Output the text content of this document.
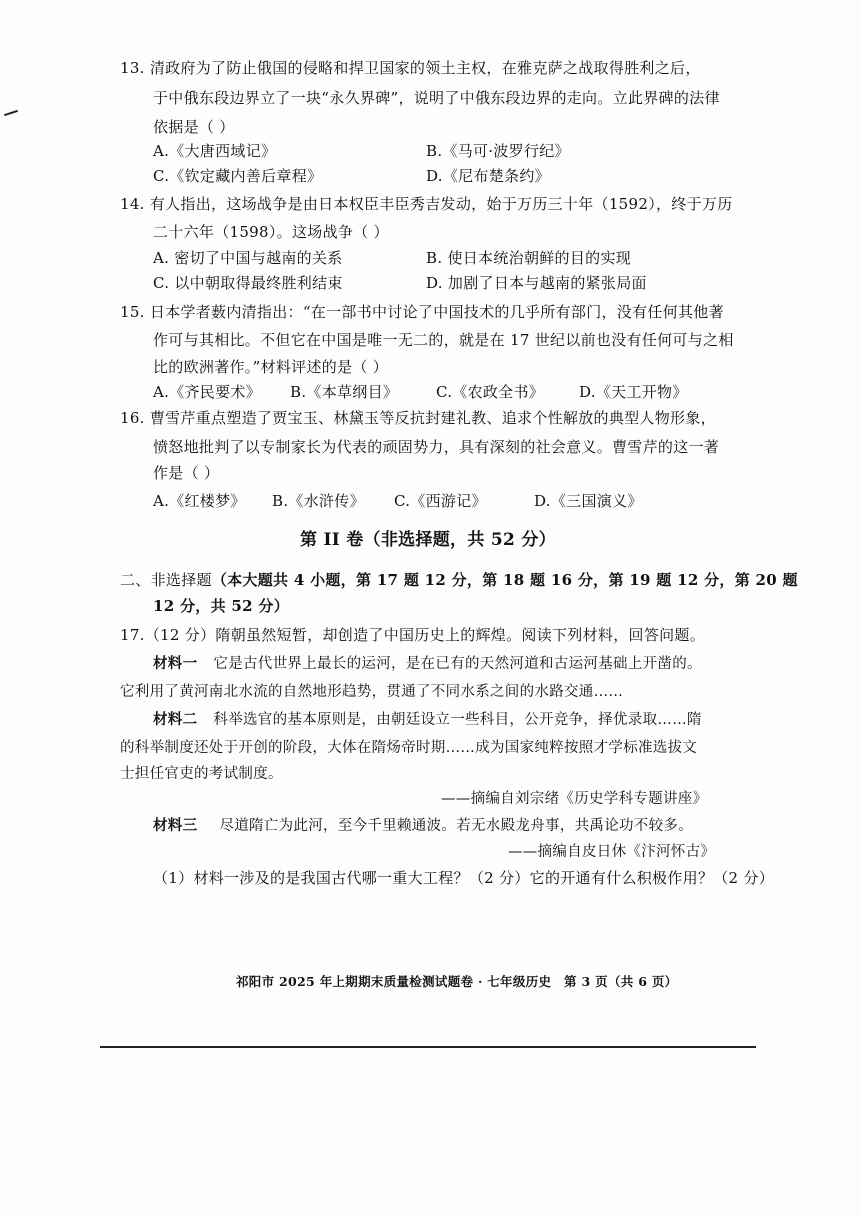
13. 清政府为了防止俄国的侵略和捍卫国家的领土主权，在雅克萨之战取得胜利之后，
于中俄东段边界立了一块“永久界碑”，说明了中俄东段边界的走向。立此界碑的法律
依据是（ ）
A.《大唐西域记》	B.《马可·波罗行纪》
C.《钦定藏内善后章程》	D.《尼布楚条约》
14. 有人指出，这场战争是由日本权臣丰臣秀吉发动，始于万历三十年（1592），终于万历
二十六年（1598）。这场战争（ ）
A. 密切了中国与越南的关系	B. 使日本统治朝鲜的目的实现
C. 以中朝取得最终胜利结束	D. 加剧了日本与越南的紧张局面
15. 日本学者薮内清指出：“在一部书中讨论了中国技术的几乎所有部门，没有任何其他著
作可与其相比。不但它在中国是唯一无二的，就是在 17 世纪以前也没有任何可与之相
比的欧洲著作。”材料评述的是（ ）
A.《齐民要术》 B.《本草纲目》	C.《农政全书》 D.《天工开物》
16. 曹雪芹重点塑造了贾宝玉、林黛玉等反抗封建礼教、追求个性解放的典型人物形象，
愤怒地批判了以专制家长为代表的顽固势力，具有深刻的社会意义。曹雪芹的这一著
作是（ ）
A.《红楼梦》 B.《水浒传》 C.《西游记》	D.《三国演义》
第 II 卷（非选择题，共 52 分）
二、非选择题（本大题共 4 小题，第 17 题 12 分，第 18 题 16 分，第 19 题 12 分，第 20 题
12 分，共 52 分）
17.（12 分）隋朝虽然短暂，却创造了中国历史上的辉煌。阅读下列材料，回答问题。
材料一 它是古代世界上最长的运河，是在已有的天然河道和古运河基础上开凿的。
它利用了黄河南北水流的自然地形趋势，贯通了不同水系之间的水路交通……
材料二 科举选官的基本原则是，由朝廷设立一些科目，公开竞争，择优录取……隋
的科举制度还处于开创的阶段，大体在隋炀帝时期……成为国家纯粹按照才学标准选拔文
士担任官吏的考试制度。
——摘编自刘宗绪《历史学科专题讲座》
材料三 尽道隋亡为此河，至今千里赖通波。若无水殿龙舟事，共禹论功不较多。
——摘编自皮日休《汴河怀古》
（1）材料一涉及的是我国古代哪一重大工程？（2 分）它的开通有什么积极作用？（2 分）
祁阳市 2025 年上期期末质量检测试题卷 · 七年级历史　第 3 页（共 6 页）
